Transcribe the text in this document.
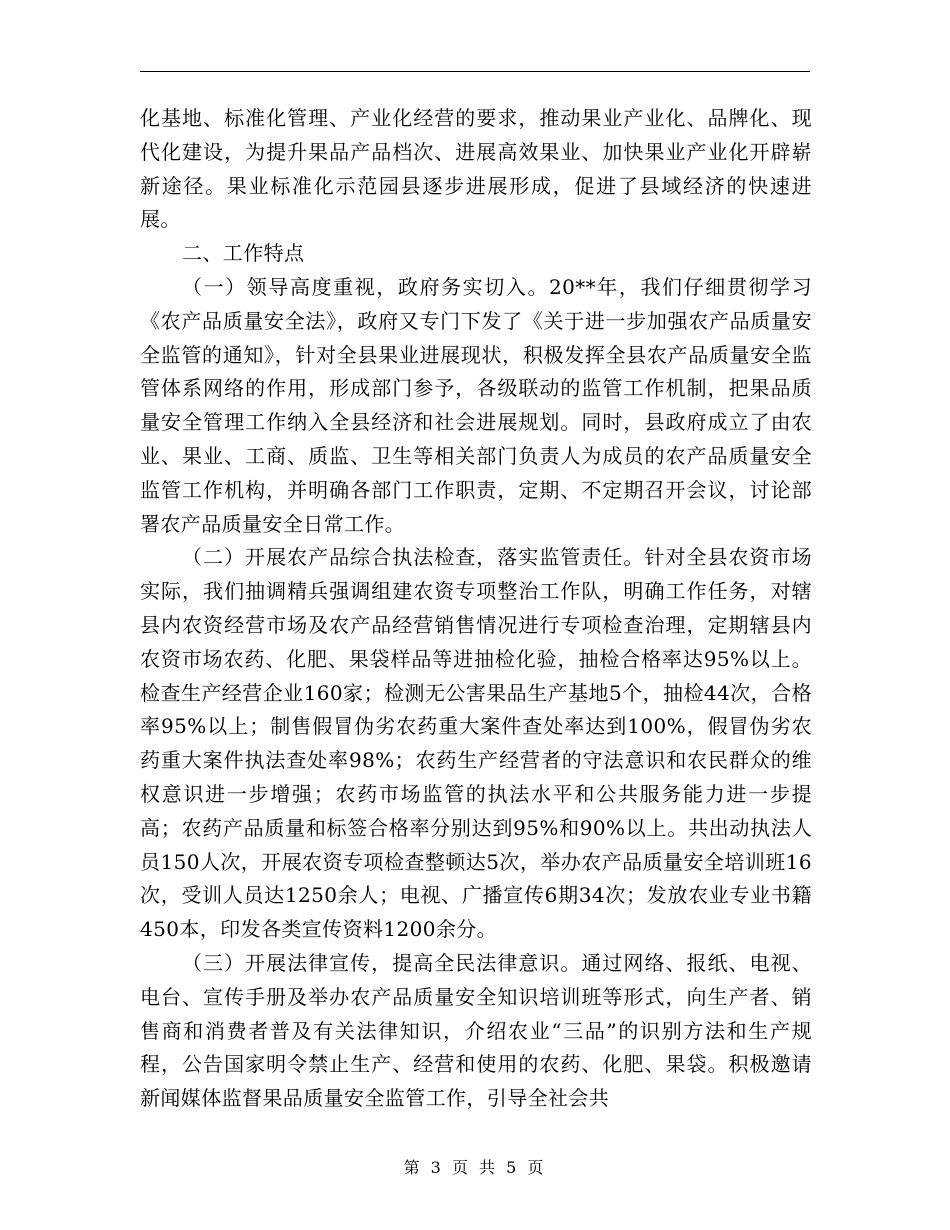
化基地、标准化管理、产业化经营的要求，推动果业产业化、品牌化、现代化建设，为提升果品产品档次、进展高效果业、加快果业产业化开辟崭新途径。果业标准化示范园县逐步进展形成，促进了县域经济的快速进展。

二、工作特点

（一）领导高度重视，政府务实切入。20**年，我们仔细贯彻学习《农产品质量安全法》，政府又专门下发了《关于进一步加强农产品质量安全监管的通知》，针对全县果业进展现状，积极发挥全县农产品质量安全监管体系网络的作用，形成部门参予，各级联动的监管工作机制，把果品质量安全管理工作纳入全县经济和社会进展规划。同时，县政府成立了由农业、果业、工商、质监、卫生等相关部门负责人为成员的农产品质量安全监管工作机构，并明确各部门工作职责，定期、不定期召开会议，讨论部署农产品质量安全日常工作。

（二）开展农产品综合执法检查，落实监管责任。针对全县农资市场实际，我们抽调精兵强调组建农资专项整治工作队，明确工作任务，对辖县内农资经营市场及农产品经营销售情况进行专项检查治理，定期辖县内农资市场农药、化肥、果袋样品等进抽检化验，抽检合格率达95%以上。检查生产经营企业160家；检测无公害果品生产基地5个，抽检44次，合格率95%以上；制售假冒伪劣农药重大案件查处率达到100%，假冒伪劣农药重大案件执法查处率98%；农药生产经营者的守法意识和农民群众的维权意识进一步增强；农药市场监管的执法水平和公共服务能力进一步提高；农药产品质量和标签合格率分别达到95%和90%以上。共出动执法人员150人次，开展农资专项检查整顿达5次，举办农产品质量安全培训班16次，受训人员达1250余人；电视、广播宣传6期34次；发放农业专业书籍450本，印发各类宣传资料1200余分。

（三）开展法律宣传，提高全民法律意识。通过网络、报纸、电视、电台、宣传手册及举办农产品质量安全知识培训班等形式，向生产者、销售商和消费者普及有关法律知识，介绍农业“三品”的识别方法和生产规程，公告国家明令禁止生产、经营和使用的农药、化肥、果袋。积极邀请新闻媒体监督果品质量安全监管工作，引导全社会共

第 3 页 共 5 页
